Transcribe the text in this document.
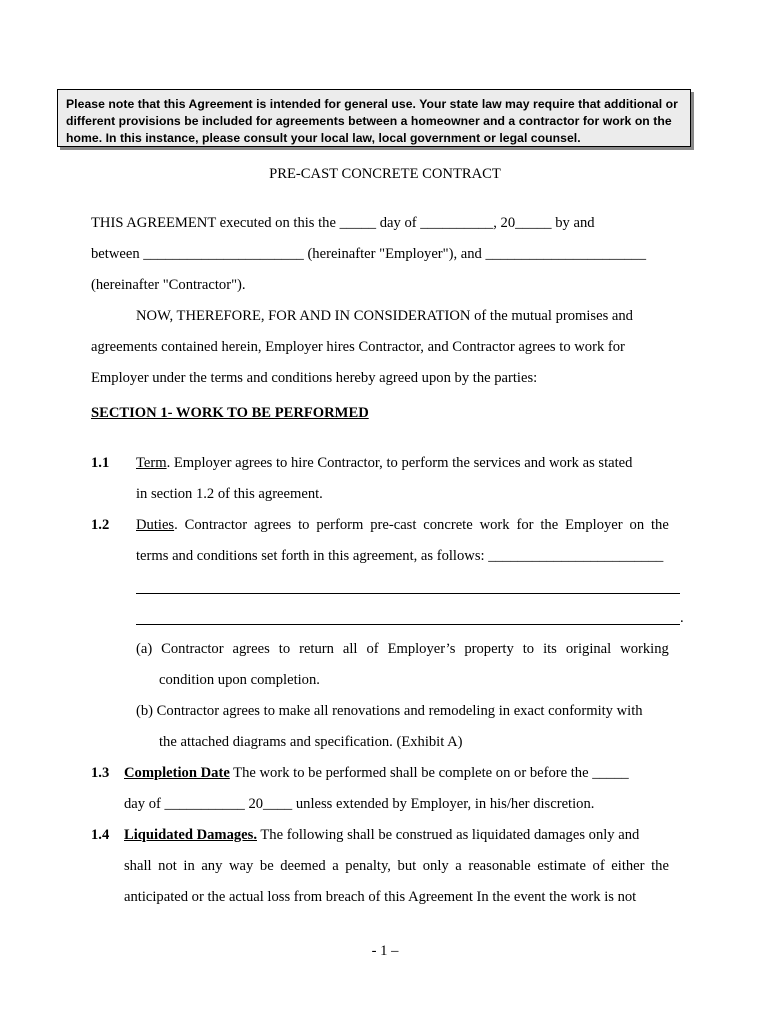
Please note that this Agreement is intended for general use. Your state law may require that additional or
different provisions be included for agreements between a homeowner and a contractor for work on the
home. In this instance, please consult your local law, local government or legal counsel.
PRE-CAST CONCRETE CONTRACT
THIS AGREEMENT executed on this the _____ day of __________, 20_____ by and
between ______________________ (hereinafter "Employer"), and ______________________
(hereinafter "Contractor").
NOW, THEREFORE, FOR AND IN CONSIDERATION of the mutual promises and
agreements contained herein, Employer hires Contractor, and Contractor agrees to work for
Employer under the terms and conditions hereby agreed upon by the parties:
SECTION 1- WORK TO BE PERFORMED
1.1 Term. Employer agrees to hire Contractor, to perform the services and work as stated
in section 1.2 of this agreement.
1.2 Duties. Contractor agrees to perform pre-cast concrete work for the Employer on the
terms and conditions set forth in this agreement, as follows: ________________________
.
(a) Contractor agrees to return all of Employer’s property to its original working
condition upon completion.
(b) Contractor agrees to make all renovations and remodeling in exact conformity with
the attached diagrams and specification. (Exhibit A)
1.3 Completion Date The work to be performed shall be complete on or before the _____
day of ___________ 20____ unless extended by Employer, in his/her discretion.
1.4 Liquidated Damages. The following shall be construed as liquidated damages only and
shall not in any way be deemed a penalty, but only a reasonable estimate of either the
anticipated or the actual loss from breach of this Agreement In the event the work is not
- 1 –
